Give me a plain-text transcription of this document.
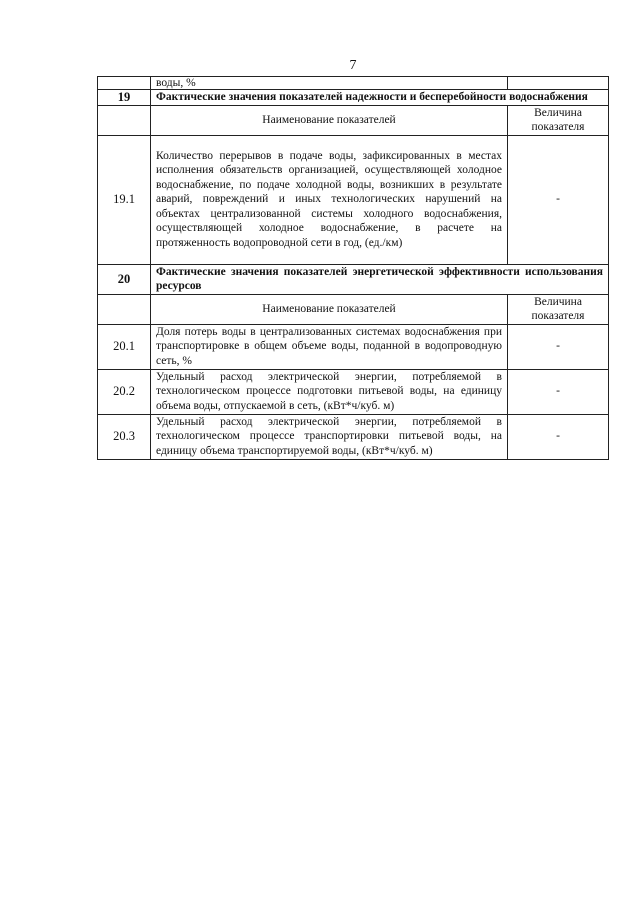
7
	воды, %	
19	Фактические значения показателей надежности и бесперебойности водоснабжения	
	Наименование показателей	Величина показателя
19.1	Количество перерывов в подаче воды, зафиксированных в местах исполнения обязательств организацией, осуществляющей холодное водоснабжение, по подаче холодной воды, возникших в результате аварий, повреждений и иных технологических нарушений на объектах централизованной системы холодного водоснабжения, осуществляющей холодное водоснабжение, в расчете на протяженность водопроводной сети в год, (ед./км)	-
20	Фактические значения показателей энергетической эффективности использования ресурсов	
	Наименование показателей	Величина показателя
20.1	Доля потерь воды в централизованных системах водоснабжения при транспортировке в общем объеме воды, поданной в водопроводную сеть, %	-
20.2	Удельный расход электрической энергии, потребляемой в технологическом процессе подготовки питьевой воды, на единицу объема воды, отпускаемой в сеть, (кВт*ч/куб. м)	-
20.3	Удельный расход электрической энергии, потребляемой в технологическом процессе транспортировки питьевой воды, на единицу объема транспортируемой воды, (кВт*ч/куб. м)	-
